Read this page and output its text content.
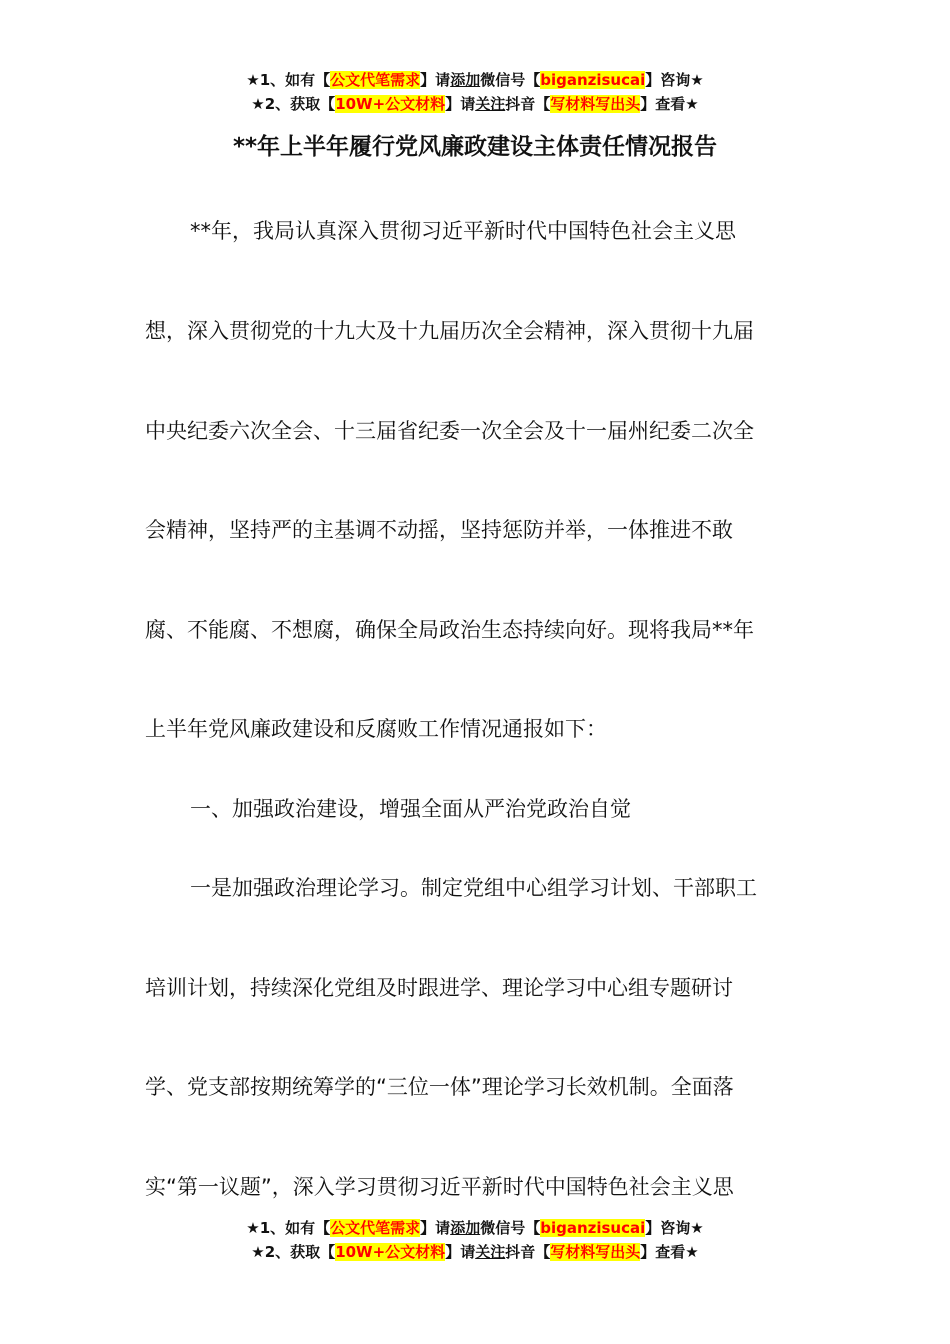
★1、如有【公文代笔需求】请添加微信号【biganzisucai】咨询★
★2、获取【10W+公文材料】请关注抖音【写材料写出头】查看★
**年上半年履行党风廉政建设主体责任情况报告
**年，我局认真深入贯彻习近平新时代中国特色社会主义思
想，深入贯彻党的十九大及十九届历次全会精神，深入贯彻十九届
中央纪委六次全会、十三届省纪委一次全会及十一届州纪委二次全
会精神，坚持严的主基调不动摇，坚持惩防并举，一体推进不敢
腐、不能腐、不想腐，确保全局政治生态持续向好。现将我局**年
上半年党风廉政建设和反腐败工作情况通报如下：
一、加强政治建设，增强全面从严治党政治自觉
一是加强政治理论学习。制定党组中心组学习计划、干部职工
培训计划，持续深化党组及时跟进学、理论学习中心组专题研讨
学、党支部按期统筹学的“三位一体”理论学习长效机制。全面落
实“第一议题”，深入学习贯彻习近平新时代中国特色社会主义思
★1、如有【公文代笔需求】请添加微信号【biganzisucai】咨询★
★2、获取【10W+公文材料】请关注抖音【写材料写出头】查看★
